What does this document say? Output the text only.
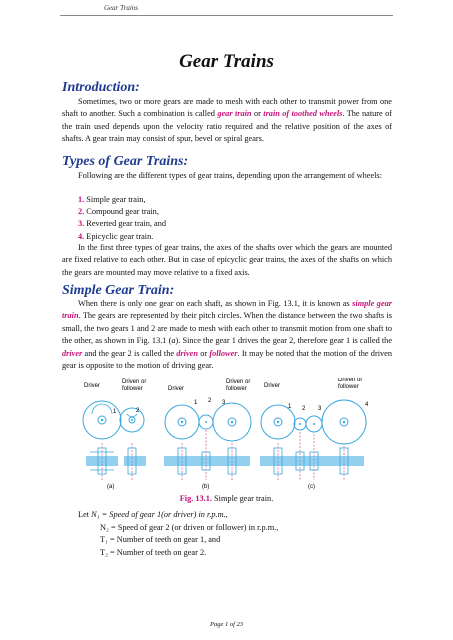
Gear Trains
Gear Trains
Introduction:
Sometimes, two or more gears are made to mesh with each other to transmit power from one shaft to another. Such a combination is called gear train or train of toothed wheels. The nature of the train used depends upon the velocity ratio required and the relative position of the axes of shafts. A gear train may consist of spur, bevel or spiral gears.
Types of Gear Trains:
Following are the different types of gear trains, depending upon the arrangement of wheels:
1. Simple gear train,
2. Compound gear train,
3. Reverted gear train, and
4. Epicyclic gear train.
In the first three types of gear trains, the axes of the shafts over which the gears are mounted are fixed relative to each other. But in case of epicyclic gear trains, the axes of the shafts on which the gears are mounted may move relative to a fixed axis.
Simple Gear Train:
When there is only one gear on each shaft, as shown in Fig. 13.1, it is known as simple gear train. The gears are represented by their pitch circles. When the distance between the two shafts is small, the two gears 1 and 2 are made to mesh with each other to transmit motion from one shaft to the other, as shown in Fig. 13.1 (a). Since the gear 1 drives the gear 2, therefore gear 1 is called the driver and the gear 2 is called the driven or follower. It may be noted that the motion of the driven gear is opposite to the motion of driving gear.
Driver
Driven or
follower
1	2
(a)
Driver
Driven or
follower
1 2 3
(b)
Driver
Driven or
follower
1 2 3
4
(c)
Fig. 13.1. Simple gear train.
Let N₁ = Speed of gear 1(or driver) in r.p.m.,
N₂ = Speed of gear 2 (or driven or follower) in r.p.m.,
T₁ = Number of teeth on gear 1, and
T₂ = Number of teeth on gear 2.
Page 1 of 23
